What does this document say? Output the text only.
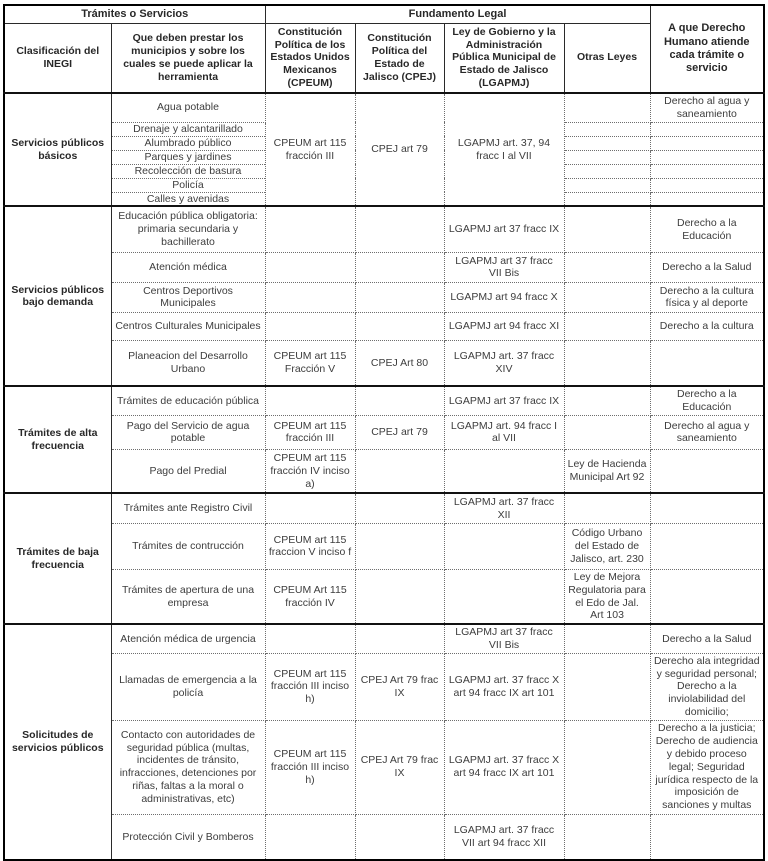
Trámites o Servicios		Fundamento Legal				A que Derecho Humano atiende cada trámite o servicio
Clasificación del INEGI	Que deben prestar los municipios y sobre los cuales se puede aplicar la herramienta	Constitución Política de los Estados Unidos Mexicanos (CPEUM)	Constitución Política del Estado de Jalisco (CPEJ)	Ley de Gobierno y la Administración Pública Municipal de Estado de Jalisco (LGAPMJ)	Otras Leyes	
Servicios públicos básicos	Agua potable	CPEUM art 115 fracción III	CPEJ art 79	LGAPMJ art. 37, 94 fracc I al VII		Derecho al agua y saneamiento
	Drenaje y alcantarillado					
	Alumbrado público					
	Parques y jardines					
	Recolección de basura					
	Policía					
	Calles y avenidas					
Servicios públicos bajo demanda	Educación pública obligatoria: primaria secundaria y bachillerato			LGAPMJ art 37 fracc IX		Derecho a la Educación
	Atención médica			LGAPMJ art 37 fracc VII Bis		Derecho a la Salud
	Centros Deportivos Municipales			LGAPMJ art 94 fracc X		Derecho a la cultura física y al deporte
	Centros Culturales Municipales			LGAPMJ art 94 fracc XI		Derecho a la cultura
	Planeacion del Desarrollo Urbano	CPEUM art 115 Fracción V	CPEJ Art 80	LGAPMJ art. 37 fracc XIV		
Trámites de alta frecuencia	Trámites de educación pública			LGAPMJ art 37 fracc IX		Derecho a la Educación
	Pago del Servicio de agua potable	CPEUM art 115 fracción III	CPEJ art 79	LGAPMJ art. 94 fracc I al VII		Derecho al agua y saneamiento
	Pago del Predial	CPEUM art 115 fracción IV inciso a)			Ley de Hacienda Municipal Art 92	
Trámites de baja frecuencia	Trámites ante Registro Civil			LGAPMJ art. 37 fracc XII		
	Trámites de contrucción	CPEUM art 115 fraccion V inciso f			Código Urbano del Estado de Jalisco, art. 230	
	Trámites de apertura de una empresa	CPEUM Art 115 fracción IV			Ley de Mejora Regulatoria para el Edo de Jal. Art 103	
Solicitudes de servicios públicos	Atención médica de urgencia			LGAPMJ art 37 fracc VII Bis		Derecho a la Salud
	Llamadas de emergencia a la policía	CPEUM art 115 fracción III inciso h)	CPEJ Art 79 frac IX	LGAPMJ art. 37 fracc X art 94 fracc IX art 101		Derecho ala integridad y seguridad personal; Derecho a la inviolabilidad del domicilio;
	Contacto con autoridades de seguridad pública (multas, incidentes de tránsito, infracciones, detenciones por riñas, faltas a la moral o administrativas, etc)	CPEUM art 115 fracción III inciso h)	CPEJ Art 79 frac IX	LGAPMJ art. 37 fracc X art 94 fracc IX art 101		Derecho a la justicia; Derecho de audiencia y debido proceso legal; Seguridad jurídica respecto de la imposición de sanciones y multas
	Protección Civil y Bomberos			LGAPMJ art. 37 fracc VII art 94 fracc XII		
